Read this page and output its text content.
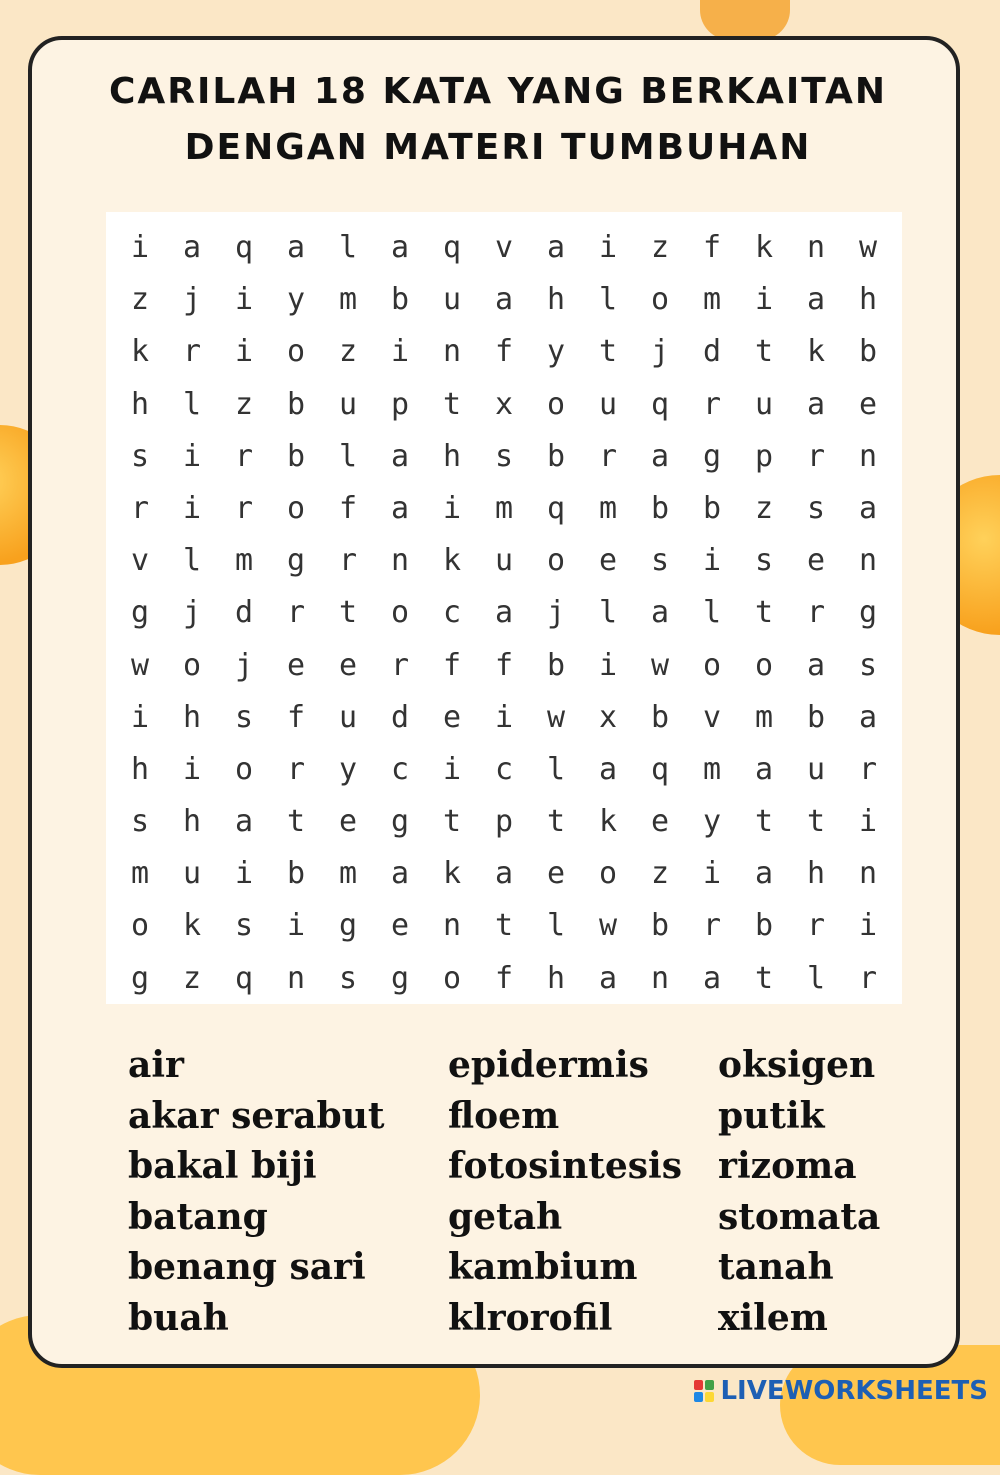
CARILAH 18 KATA YANG BERKAITAN
DENGAN MATERI TUMBUHAN
i	a	q	a	l	a	q	v	a	i	z	f	k	n	w
z	j	i	y	m	b	u	a	h	l	o	m	i	a	h
k	r	i	o	z	i	n	f	y	t	j	d	t	k	b
h	l	z	b	u	p	t	x	o	u	q	r	u	a	e
s	i	r	b	l	a	h	s	b	r	a	g	p	r	n
r	i	r	o	f	a	i	m	q	m	b	b	z	s	a
v	l	m	g	r	n	k	u	o	e	s	i	s	e	n
g	j	d	r	t	o	c	a	j	l	a	l	t	r	g
w	o	j	e	e	r	f	f	b	i	w	o	o	a	s
i	h	s	f	u	d	e	i	w	x	b	v	m	b	a
h	i	o	r	y	c	i	c	l	a	q	m	a	u	r
s	h	a	t	e	g	t	p	t	k	e	y	t	t	i
m	u	i	b	m	a	k	a	e	o	z	i	a	h	n
o	k	s	i	g	e	n	t	l	w	b	r	b	r	i
g	z	q	n	s	g	o	f	h	a	n	a	t	l	r
air
akar serabut
bakal biji
batang
benang sari
buah
epidermis
floem
fotosintesis
getah
kambium
klrorofil
oksigen
putik
rizoma
stomata
tanah
xilem
LIVEWORKSHEETS
